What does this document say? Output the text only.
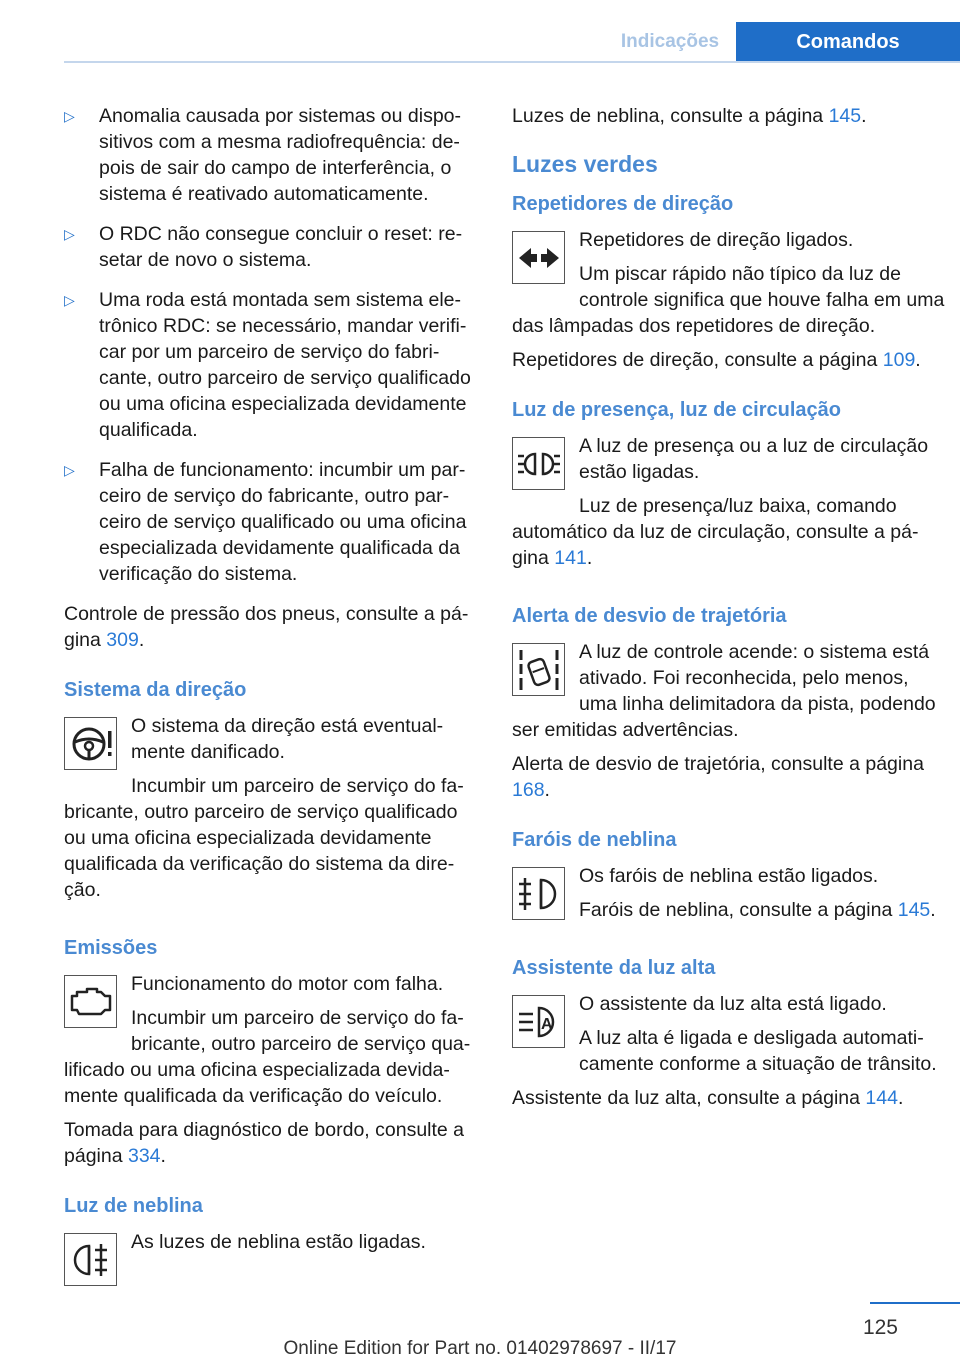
Indicações	Comandos
▷ Anomalia causada por sistemas ou dispositivos com a mesma radiofrequência: depois de sair do campo de interferência, o sistema é reativado automaticamente.
▷ O RDC não consegue concluir o reset: resetar de novo o sistema.
▷ Uma roda está montada sem sistema eletrônico RDC: se necessário, mandar verificar por um parceiro de serviço do fabricante, outro parceiro de serviço qualificado ou uma oficina especializada devidamente qualificada.
▷ Falha de funcionamento: incumbir um parceiro de serviço do fabricante, outro parceiro de serviço qualificado ou uma oficina especializada devidamente qualificada da verificação do sistema.

Controle de pressão dos pneus, consulte a página 309.

Sistema da direção

O sistema da direção está eventualmente danificado.

Incumbir um parceiro de serviço do fabricante, outro parceiro de serviço qualificado ou uma oficina especializada devidamente qualificada da verificação do sistema da direção.

Emissões

Funcionamento do motor com falha.

Incumbir um parceiro de serviço do fabricante, outro parceiro de serviço qualificado ou uma oficina especializada devidamente qualificada da verificação do veículo.

Tomada para diagnóstico de bordo, consulte a página 334.

Luz de neblina

As luzes de neblina estão ligadas.

Luzes de neblina, consulte a página 145.

Luzes verdes
Repetidores de direção

Repetidores de direção ligados.

Um piscar rápido não típico da luz de controle significa que houve falha em uma das lâmpadas dos repetidores de direção.

Repetidores de direção, consulte a página 109.

Luz de presença, luz de circulação

A luz de presença ou a luz de circulação estão ligadas.

Luz de presença/luz baixa, comando automático da luz de circulação, consulte a página 141.

Alerta de desvio de trajetória

A luz de controle acende: o sistema está ativado. Foi reconhecida, pelo menos, uma linha delimitadora da pista, podendo ser emitidas advertências.

Alerta de desvio de trajetória, consulte a página 168.

Faróis de neblina

Os faróis de neblina estão ligados.

Faróis de neblina, consulte a página 145.

Assistente da luz alta
A

O assistente da luz alta está ligado.

A luz alta é ligada e desligada automaticamente conforme a situação de trânsito.

Assistente da luz alta, consulte a página 144.

125
Online Edition for Part no. 01402978697 - II/17
